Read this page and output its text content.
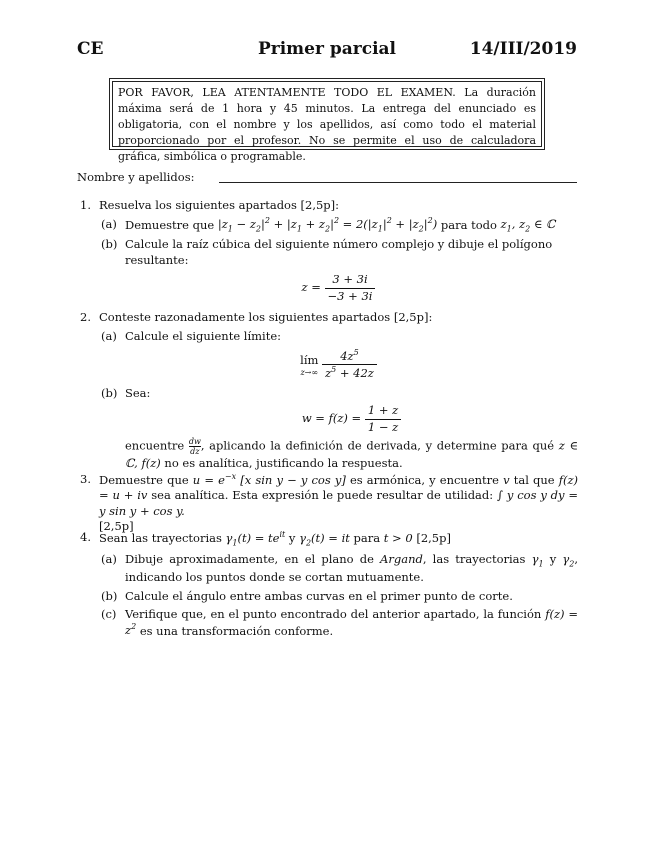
CE	Primer parcial	14/III/2019
POR FAVOR, LEA ATENTAMENTE TODO EL EXAMEN. La duración máxima será de 1 hora y 45 minutos. La entrega del enunciado es obligatoria, con el nombre y los apellidos, así como todo el material proporcionado por el profesor. No se permite el uso de calculadora gráfica, simbólica o programable.
Nombre y apellidos:
1. Resuelva los siguientes apartados [2,5p]:
(a) Demuestre que $|z_1 - z_2|^2 + |z_1 + z_2|^2 = 2(|z_1|^2 + |z_2|^2)$ para todo $z_1$, $z_2$ ∈ ℂ
(b) Calcule la raíz cúbica del siguiente número complejo y dibuje el polígono resultante:
$z = \frac{3 + 3i}{-3 + 3i}$
2. Conteste razonadamente los siguientes apartados [2,5p]:
(a) Calcule el siguiente límite:
lím
z→∞
$\frac{4z^5}{z^5 + 42z}$
(b) Sea:
$w = f(z) = \frac{1 + z}{1 - z}$
encuentre $\frac{dw}{dz}$ , aplicando la definición de derivada, y determine para qué z ∈ ℂ, f(z) no es analítica, justificando la respuesta.
3. Demuestre que $u = e^{-x}$ [x sin y − y cos y] es armónica, y encuentre v tal que f(z) = u + iv sea analítica. Esta expresión le puede resultar de utilidad: ∫ y cos y dy = y sin y + cos y.
[2,5p]
4. Sean las trayectorias $\gamma_1(t) = te^{it}$ y $\gamma_2(t)$ = it para t > 0 [2,5p]
(a) Dibuje aproximadamente, en el plano de Argand, las trayectorias $\gamma_1$ y $\gamma_2$, indicando los puntos donde se cortan mutuamente.
(b) Calcule el ángulo entre ambas curvas en el primer punto de corte.
(c) Verifique que, en el punto encontrado del anterior apartado, la función $f(z) = z^2$ es una transformación conforme.
